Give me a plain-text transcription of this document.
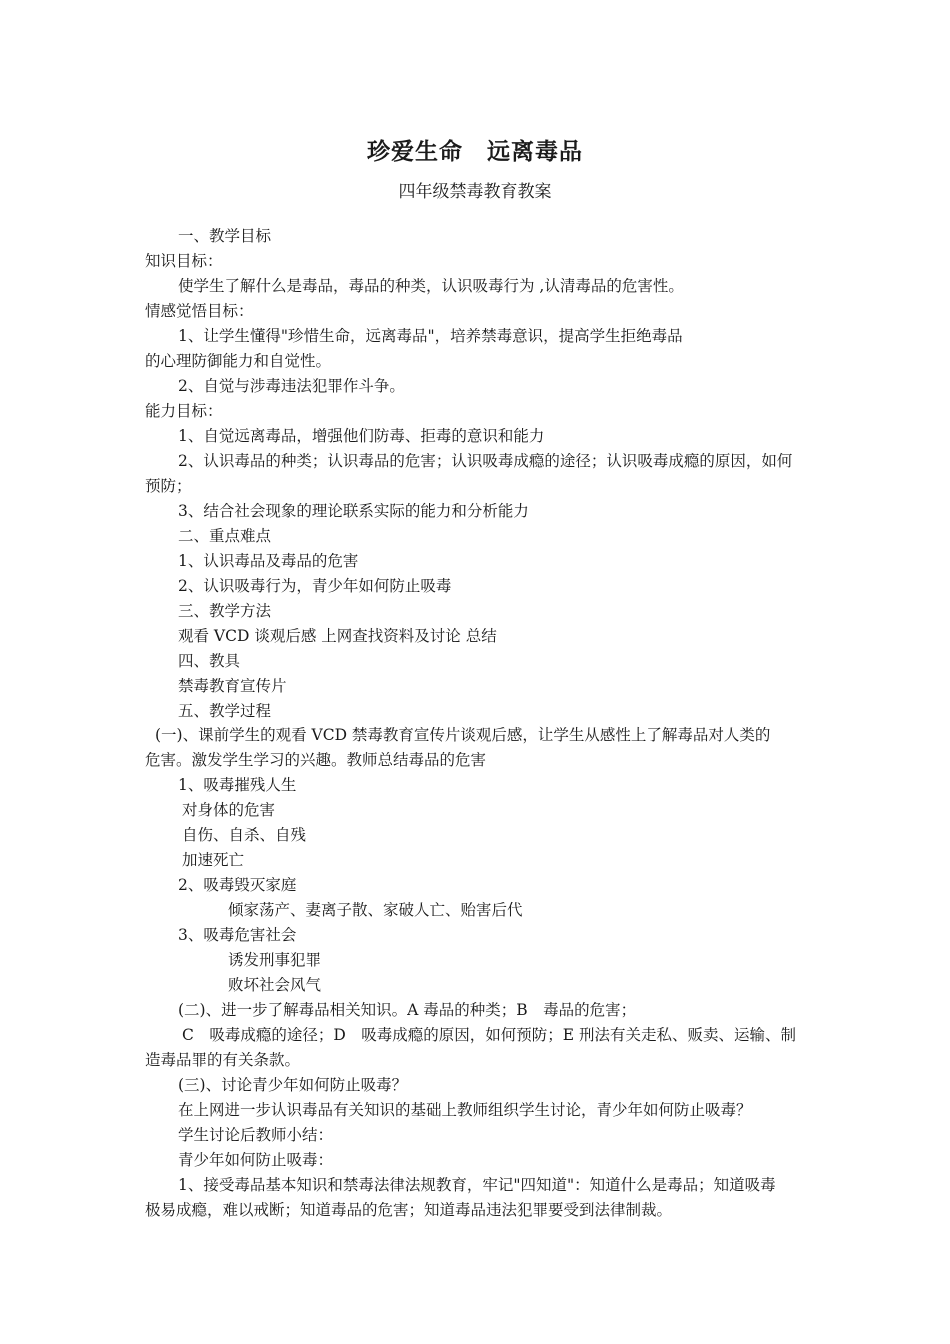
珍爱生命　远离毒品
四年级禁毒教育教案
一、教学目标
知识目标：
使学生了解什么是毒品，毒品的种类，认识吸毒行为 ,认清毒品的危害性。
情感觉悟目标：
1、让学生懂得"珍惜生命，远离毒品"，培养禁毒意识，提高学生拒绝毒品
的心理防御能力和自觉性。
2、自觉与涉毒违法犯罪作斗争。
能力目标：
1、自觉远离毒品，增强他们防毒、拒毒的意识和能力
2、认识毒品的种类；认识毒品的危害；认识吸毒成瘾的途径；认识吸毒成瘾的原因，如何
预防；
3、结合社会现象的理论联系实际的能力和分析能力
二、重点难点
1、认识毒品及毒品的危害
2、认识吸毒行为，青少年如何防止吸毒
三、教学方法
观看 VCD 谈观后感 上网查找资料及讨论 总结
四、教具
禁毒教育宣传片
五、教学过程
(一)、课前学生的观看 VCD 禁毒教育宣传片谈观后感，让学生从感性上了解毒品对人类的
危害。激发学生学习的兴趣。教师总结毒品的危害
1、吸毒摧残人生
对身体的危害
自伤、自杀、自残
加速死亡
2、吸毒毁灭家庭
倾家荡产、妻离子散、家破人亡、贻害后代
3、吸毒危害社会
诱发刑事犯罪
败坏社会风气
(二)、进一步了解毒品相关知识。A 毒品的种类；B　毒品的危害；
C　吸毒成瘾的途径；D　吸毒成瘾的原因，如何预防；E 刑法有关走私、贩卖、运输、制
造毒品罪的有关条款。
(三)、讨论青少年如何防止吸毒？
在上网进一步认识毒品有关知识的基础上教师组织学生讨论，青少年如何防止吸毒？
学生讨论后教师小结：
青少年如何防止吸毒：
1、接受毒品基本知识和禁毒法律法规教育，牢记"四知道"：知道什么是毒品；知道吸毒
极易成瘾，难以戒断；知道毒品的危害；知道毒品违法犯罪要受到法律制裁。
